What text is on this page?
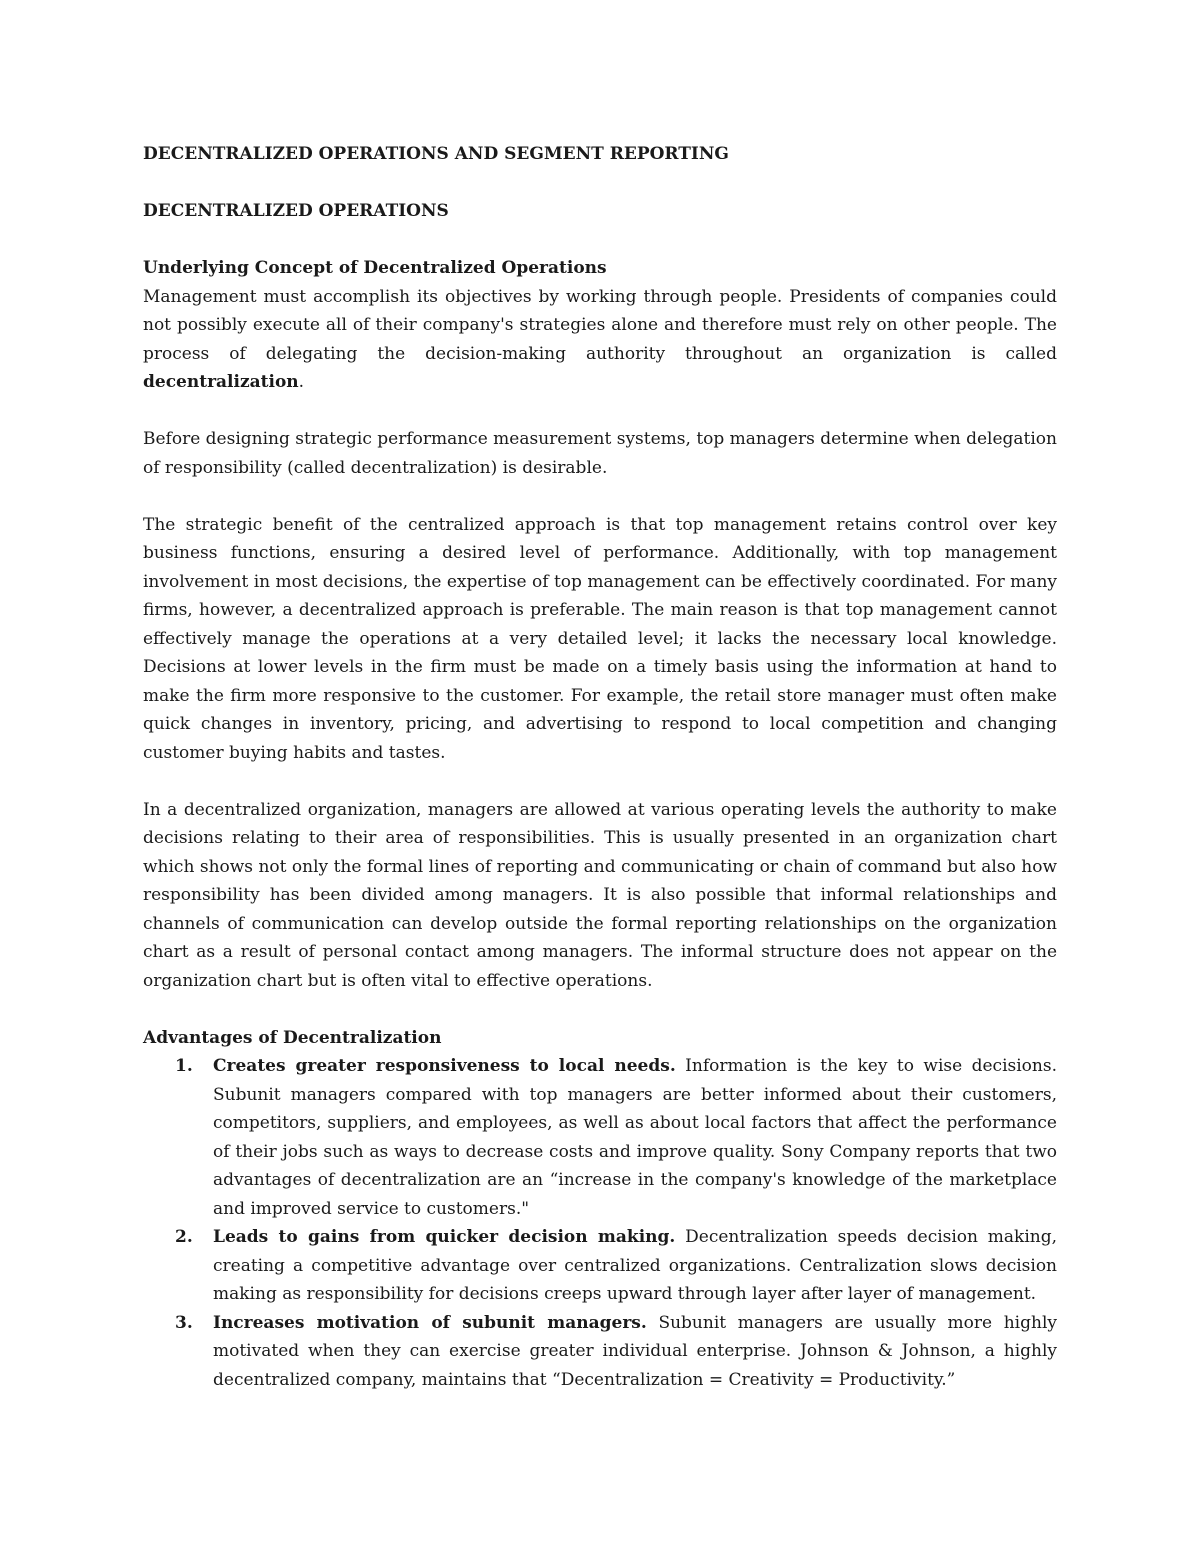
DECENTRALIZED OPERATIONS AND SEGMENT REPORTING
DECENTRALIZED OPERATIONS
Underlying Concept of Decentralized Operations

Management must accomplish its objectives by working through people. Presidents of companies could not possibly execute all of their company's strategies alone and therefore must rely on other people. The process of delegating the decision-making authority throughout an organization is called decentralization.

Before designing strategic performance measurement systems, top managers determine when delegation of responsibility (called decentralization) is desirable.

The strategic benefit of the centralized approach is that top management retains control over key business functions, ensuring a desired level of performance. Additionally, with top management involvement in most decisions, the expertise of top management can be effectively coordinated. For many firms, however, a decentralized approach is preferable. The main reason is that top management cannot effectively manage the operations at a very detailed level; it lacks the necessary local knowledge. Decisions at lower levels in the firm must be made on a timely basis using the information at hand to make the firm more responsive to the customer. For example, the retail store manager must often make quick changes in inventory, pricing, and advertising to respond to local competition and changing customer buying habits and tastes.

In a decentralized organization, managers are allowed at various operating levels the authority to make decisions relating to their area of responsibilities. This is usually presented in an organization chart which shows not only the formal lines of reporting and communicating or chain of command but also how responsibility has been divided among managers. It is also possible that informal relationships and channels of communication can develop outside the formal reporting relationships on the organization chart as a result of personal contact among managers. The informal structure does not appear on the organization chart but is often vital to effective operations.

Advantages of Decentralization
1. Creates greater responsiveness to local needs. Information is the key to wise decisions. Subunit managers compared with top managers are better informed about their customers, competitors, suppliers, and employees, as well as about local factors that affect the performance of their jobs such as ways to decrease costs and improve quality. Sony Company reports that two advantages of decentralization are an “increase in the company's knowledge of the marketplace and improved service to customers."
2. Leads to gains from quicker decision making. Decentralization speeds decision making, creating a competitive advantage over centralized organizations. Centralization slows decision making as responsibility for decisions creeps upward through layer after layer of management.
3. Increases motivation of subunit managers. Subunit managers are usually more highly motivated when they can exercise greater individual enterprise. Johnson & Johnson, a highly decentralized company, maintains that “Decentralization = Creativity = Productivity.”
